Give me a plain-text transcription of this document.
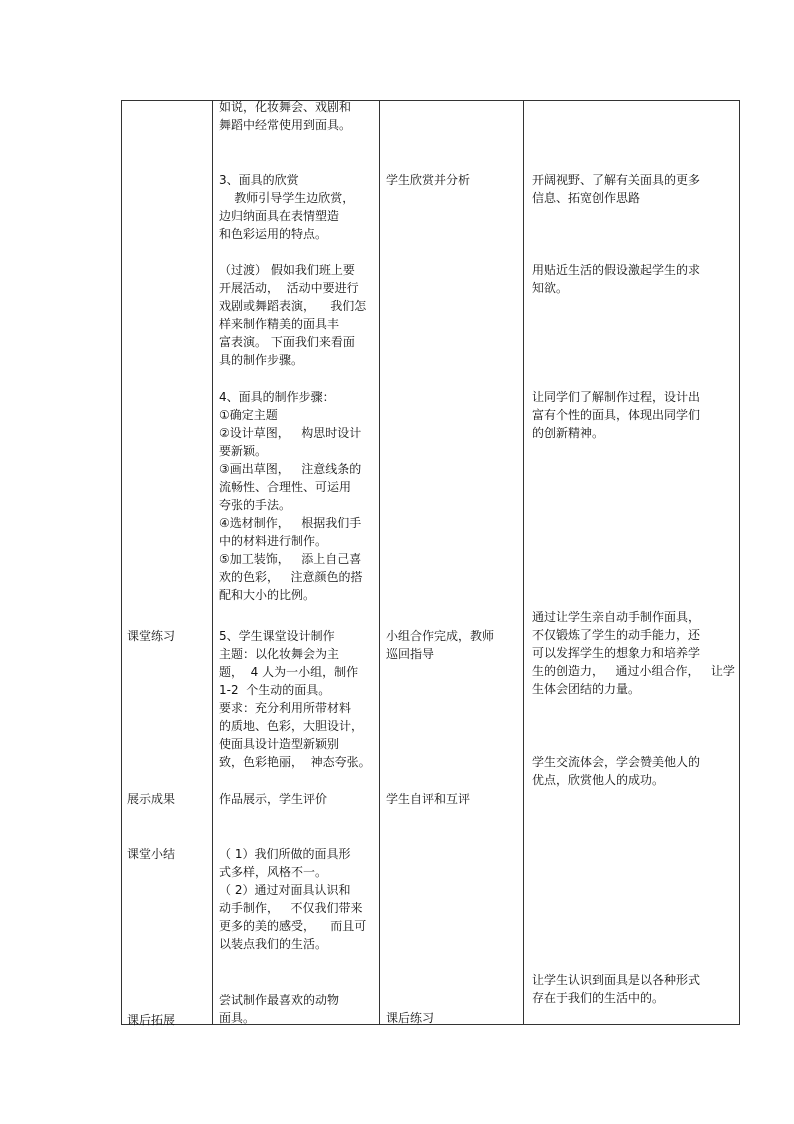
课堂练习
展示成果
课堂小结
课后拓展
如说，化妆舞会、戏剧和
舞蹈中经常使用到面具。
3、面具的欣赏
教师引导学生边欣赏，
边归纳面具在表情塑造
和色彩运用的特点。
（过渡） 假如我们班上要
开展活动，  活动中要进行
戏剧或舞蹈表演，    我们怎
样来制作精美的面具丰
富表演。 下面我们来看面
具的制作步骤。
4、面具的制作步骤：
①确定主题
②设计草图，   构思时设计
要新颖。
③画出草图，   注意线条的
流畅性、合理性、可运用
夸张的手法。
④选材制作，   根据我们手
中的材料进行制作。
⑤加工装饰，   添上自己喜
欢的色彩，   注意颜色的搭
配和大小的比例。
5、学生课堂设计制作
主题：以化妆舞会为主
题，  4 人为一小组，制作
1-2  个生动的面具。
要求：充分利用所带材料
的质地、色彩，大胆设计，
使面具设计造型新颖别
致，色彩艳丽，  神态夸张。
作品展示，学生评价
（ 1）我们所做的面具形
式多样，风格不一。
（ 2）通过对面具认识和
动手制作，   不仅我们带来
更多的美的感受，    而且可
以装点我们的生活。
尝试制作最喜欢的动物
面具。
学生欣赏并分析
小组合作完成，教师
巡回指导
学生自评和互评
课后练习
开阔视野、了解有关面具的更多
信息、拓宽创作思路
用贴近生活的假设激起学生的求
知欲。
让同学们了解制作过程，设计出
富有个性的面具，体现出同学们
的创新精神。
通过让学生亲自动手制作面具，
不仅锻炼了学生的动手能力，还
可以发挥学生的想象力和培养学
生的创造力，   通过小组合作，   让学
生体会团结的力量。
学生交流体会，学会赞美他人的
优点，欣赏他人的成功。
让学生认识到面具是以各种形式
存在于我们的生活中的。
